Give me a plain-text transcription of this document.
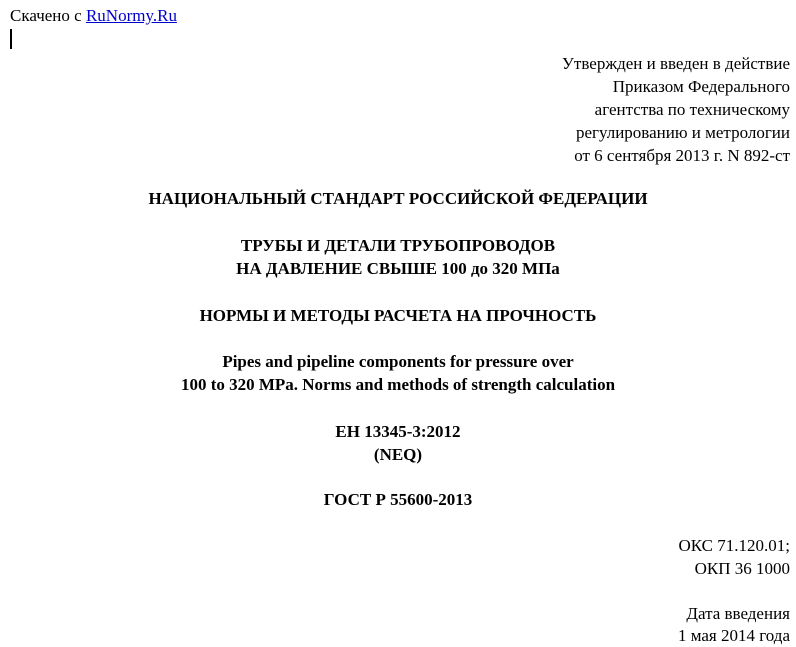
Скачено с RuNormy.Ru
Утвержден и введен в действие
Приказом Федерального
агентства по техническому
регулированию и метрологии
от 6 сентября 2013 г. N 892-ст
НАЦИОНАЛЬНЫЙ СТАНДАРТ РОССИЙСКОЙ ФЕДЕРАЦИИ
ТРУБЫ И ДЕТАЛИ ТРУБОПРОВОДОВ
НА ДАВЛЕНИЕ СВЫШЕ 100 до 320 МПа
НОРМЫ И МЕТОДЫ РАСЧЕТА НА ПРОЧНОСТЬ
Pipes and pipeline components for pressure over
100 to 320 MPa. Norms and methods of strength calculation
ЕН 13345-3:2012
(NEQ)
ГОСТ Р 55600-2013
ОКС 71.120.01;
ОКП 36 1000
Дата введения
1 мая 2014 года
